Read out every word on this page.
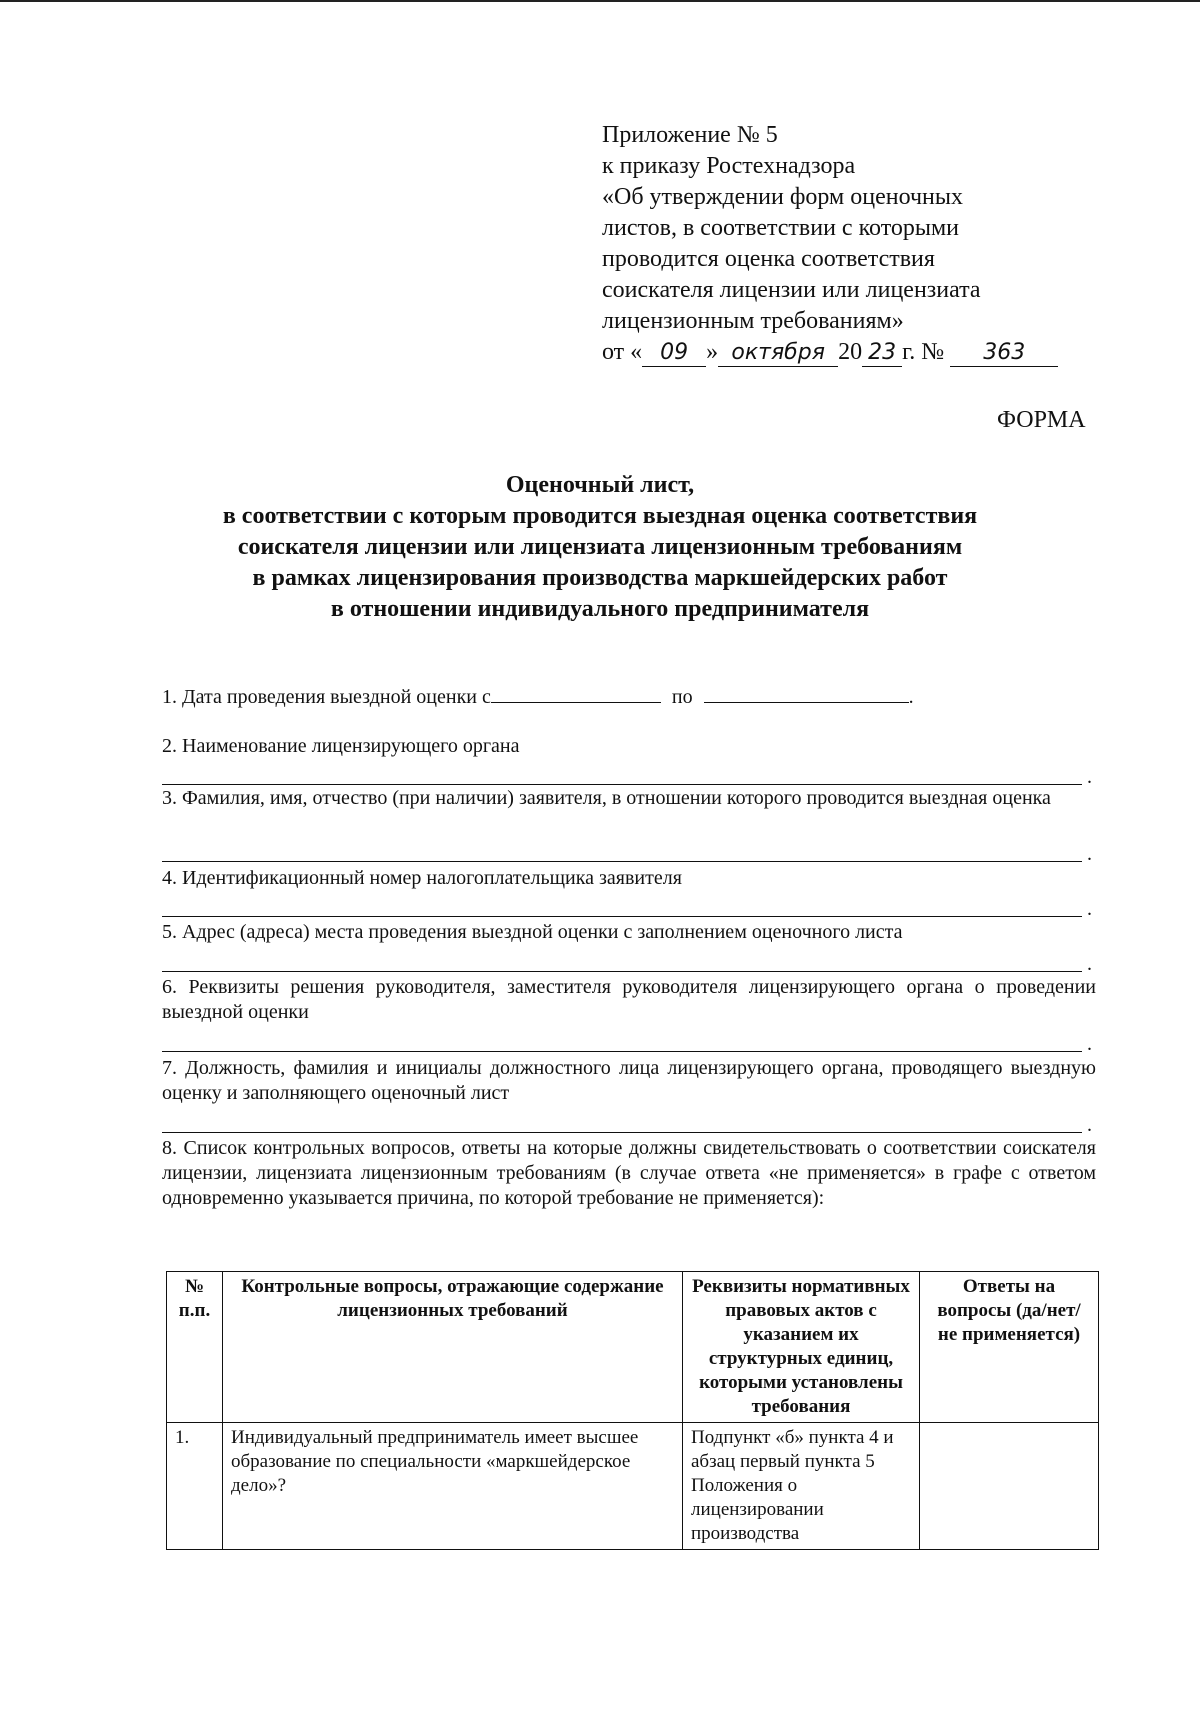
Приложение № 5
к приказу Ростехнадзора
«Об утверждении форм оценочных
листов, в соответствии с которыми
проводится оценка соответствия
соискателя лицензии или лицензиата
лицензионным требованиям»
от « 09 » октября 20 23 г. № 363
ФОРМА
Оценочный лист,
в соответствии с которым проводится выездная оценка соответствия
соискателя лицензии или лицензиата лицензионным требованиям
в рамках лицензирования производства маркшейдерских работ
в отношении индивидуального предпринимателя
1. Дата проведения выездной оценки с	по	.
2. Наименование лицензирующего органа
.
3. Фамилия, имя, отчество (при наличии) заявителя, в отношении которого проводится выездная оценка
.
4. Идентификационный номер налогоплательщика заявителя
.
5. Адрес (адреса) места проведения выездной оценки с заполнением оценочного листа
.
6. Реквизиты решения руководителя, заместителя руководителя лицензирующего органа о проведении выездной оценки
.
7. Должность, фамилия и инициалы должностного лица лицензирующего органа, проводящего выездную оценку и заполняющего оценочный лист
.
8. Список контрольных вопросов, ответы на которые должны свидетельствовать о соответствии соискателя лицензии, лицензиата лицензионным требованиям (в случае ответа «не применяется» в графе с ответом одновременно указывается причина, по которой требование не применяется):
№ п.п.	Контрольные вопросы, отражающие содержание лицензионных требований	Реквизиты нормативных правовых актов с указанием их структурных единиц, которыми установлены требования	Ответы на вопросы (да/нет/ не применяется)
1.	Индивидуальный предприниматель имеет высшее образование по специальности «маркшейдерское дело»?	Подпункт «б» пункта 4 и абзац первый пункта 5 Положения о лицензировании производства	
